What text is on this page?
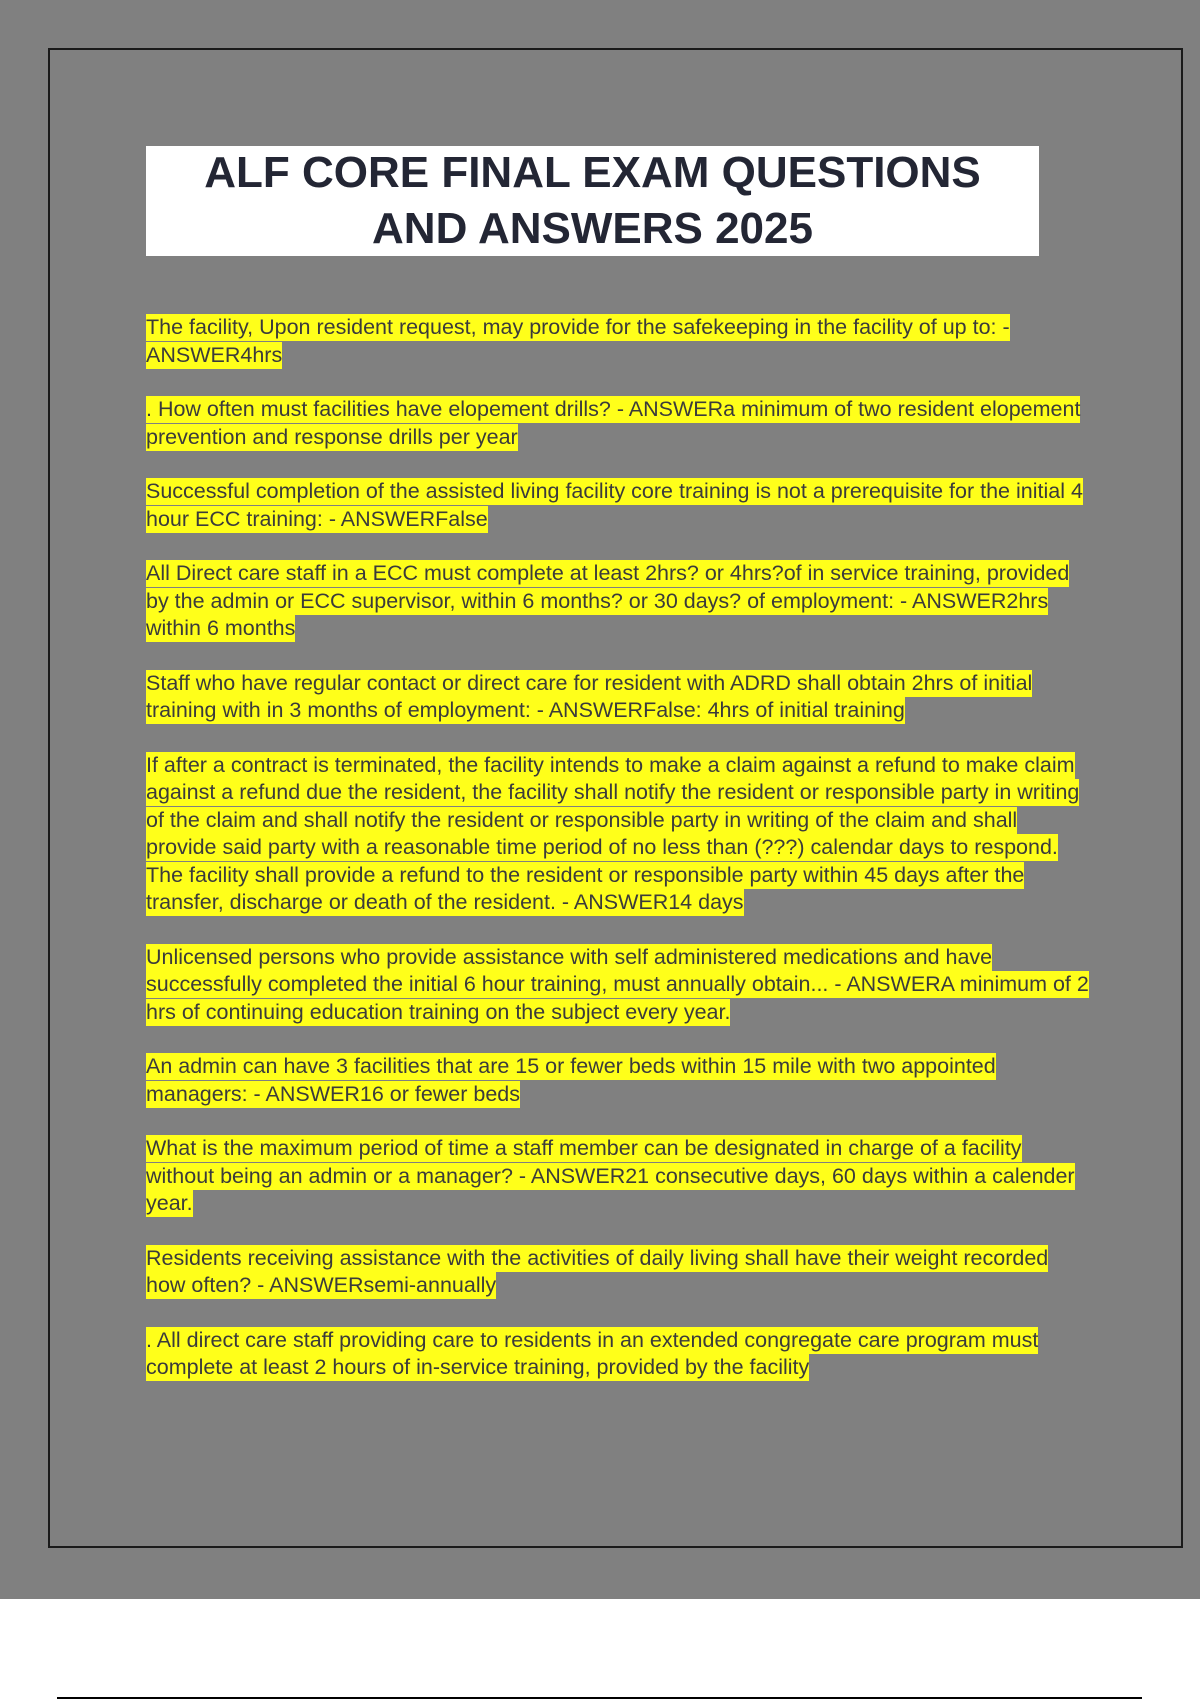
ALF CORE FINAL EXAM QUESTIONS
AND ANSWERS 2025
The facility, Upon resident request, may provide for the safekeeping in the facility of up to: - ANSWER4hrs
. How often must facilities have elopement drills? - ANSWERa minimum of two resident elopement prevention and response drills per year
Successful completion of the assisted living facility core training is not a prerequisite for the initial 4 hour ECC training: - ANSWERFalse
All Direct care staff in a ECC must complete at least 2hrs? or 4hrs?of in service training, provided by the admin or ECC supervisor, within 6 months? or 30 days? of employment: - ANSWER2hrs within 6 months
Staff who have regular contact or direct care for resident with ADRD shall obtain 2hrs of initial training with in 3 months of employment: - ANSWERFalse: 4hrs of initial training
If after a contract is terminated, the facility intends to make a claim against a refund to make claim against a refund due the resident, the facility shall notify the resident or responsible party in writing of the claim and shall notify the resident or responsible party in writing of the claim and shall provide said party with a reasonable time period of no less than (???) calendar days to respond. The facility shall provide a refund to the resident or responsible party within 45 days after the transfer, discharge or death of the resident. - ANSWER14 days
Unlicensed persons who provide assistance with self administered medications and have successfully completed the initial 6 hour training, must annually obtain... - ANSWERA minimum of 2 hrs of continuing education training on the subject every year.
An admin can have 3 facilities that are 15 or fewer beds within 15 mile with two appointed managers: - ANSWER16 or fewer beds
What is the maximum period of time a staff member can be designated in charge of a facility without being an admin or a manager? - ANSWER21 consecutive days, 60 days within a calender year.
Residents receiving assistance with the activities of daily living shall have their weight recorded how often? - ANSWERsemi-annually
. All direct care staff providing care to residents in an extended congregate care program must complete at least 2 hours of in-service training, provided by the facility
